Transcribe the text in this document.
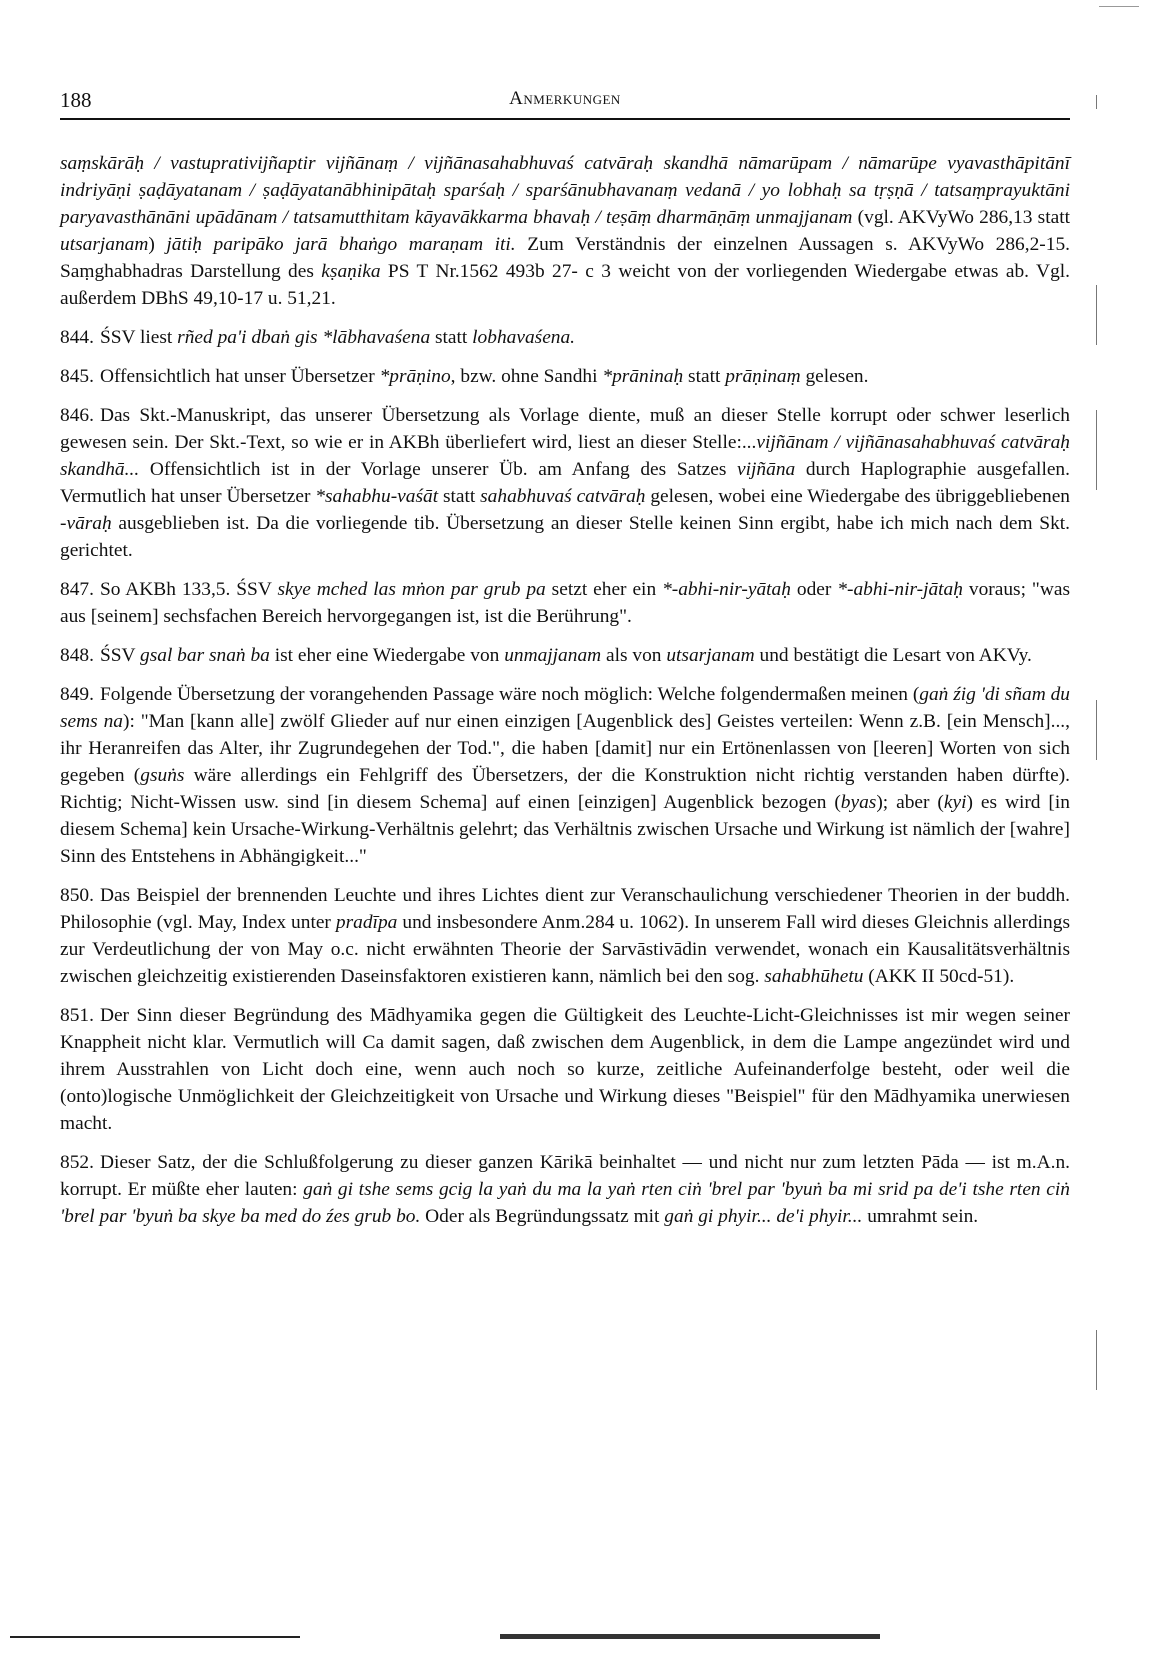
188	Anmerkungen

saṃskārāḥ / vastuprativijñaptir vijñānaṃ / vijñānasahabhuvaś catvāraḥ skandhā nāmarūpam / nāmarūpe vyavasthāpitānī indriyāṇi ṣaḍāyatanam / ṣaḍāyatanābhinipātaḥ sparśaḥ / sparśānubhavanaṃ vedanā / yo lobhaḥ sa tṛṣṇā / tatsaṃprayuktāni paryavasthānāni upādānam / tatsamutthitam kāyavākkarma bhavaḥ / teṣāṃ dharmāṇāṃ unmajjanam (vgl. AKVyWo 286,13 statt utsarjanam) jātiḥ paripāko jarā bhaṅgo maraṇam iti. Zum Verständnis der einzelnen Aussagen s. AKVyWo 286,2-15. Saṃghabhadras Darstellung des kṣaṇika PS T Nr.1562 493b 27- c 3 weicht von der vorliegenden Wiedergabe etwas ab. Vgl. außerdem DBhS 49,10-17 u. 51,21.

844. ŚSV liest rñed pa'i dbaṅ gis *lābhavaśena statt lobhavaśena.

845. Offensichtlich hat unser Übersetzer *prāṇino, bzw. ohne Sandhi *prāninaḥ statt prāṇinaṃ gelesen.

846. Das Skt.-Manuskript, das unserer Übersetzung als Vorlage diente, muß an dieser Stelle korrupt oder schwer leserlich gewesen sein. Der Skt.-Text, so wie er in AKBh überliefert wird, liest an dieser Stelle:...vijñānam / vijñānasahabhuvaś catvāraḥ skandhā... Offensichtlich ist in der Vorlage unserer Üb. am Anfang des Satzes vijñāna durch Haplographie ausgefallen. Vermutlich hat unser Übersetzer *sahabhu-vaśāt statt sahabhuvaś catvāraḥ gelesen, wobei eine Wiedergabe des übriggebliebenen -vāraḥ ausgeblieben ist. Da die vorliegende tib. Übersetzung an dieser Stelle keinen Sinn ergibt, habe ich mich nach dem Skt. gerichtet.

847. So AKBh 133,5. ŚSV skye mched las mṅon par grub pa setzt eher ein *-abhi-nir-yātaḥ oder *-abhi-nir-jātaḥ voraus; "was aus [seinem] sechsfachen Bereich hervorgegangen ist, ist die Berührung".

848. ŚSV gsal bar snaṅ ba ist eher eine Wiedergabe von unmajjanam als von utsarjanam und bestätigt die Lesart von AKVy.

849. Folgende Übersetzung der vorangehenden Passage wäre noch möglich: Welche folgendermaßen meinen (gaṅ źig 'di sñam du sems na): "Man [kann alle] zwölf Glieder auf nur einen einzigen [Augenblick des] Geistes verteilen: Wenn z.B. [ein Mensch]..., ihr Heranreifen das Alter, ihr Zugrundegehen der Tod.", die haben [damit] nur ein Ertönenlassen von [leeren] Worten von sich gegeben (gsuṅs wäre allerdings ein Fehlgriff des Übersetzers, der die Konstruktion nicht richtig verstanden haben dürfte). Richtig; Nicht-Wissen usw. sind [in diesem Schema] auf einen [einzigen] Augenblick bezogen (byas); aber (kyi) es wird [in diesem Schema] kein Ursache-Wirkung-Verhältnis gelehrt; das Verhältnis zwischen Ursache und Wirkung ist nämlich der [wahre] Sinn des Entstehens in Abhängigkeit..."

850. Das Beispiel der brennenden Leuchte und ihres Lichtes dient zur Veranschaulichung verschiedener Theorien in der buddh. Philosophie (vgl. May, Index unter pradīpa und insbesondere Anm.284 u. 1062). In unserem Fall wird dieses Gleichnis allerdings zur Verdeutlichung der von May o.c. nicht erwähnten Theorie der Sarvāstivādin verwendet, wonach ein Kausalitätsverhältnis zwischen gleichzeitig existierenden Daseinsfaktoren existieren kann, nämlich bei den sog. sahabhūhetu (AKK II 50cd-51).

851. Der Sinn dieser Begründung des Mādhyamika gegen die Gültigkeit des Leuchte-Licht-Gleichnisses ist mir wegen seiner Knappheit nicht klar. Vermutlich will Ca damit sagen, daß zwischen dem Augenblick, in dem die Lampe angezündet wird und ihrem Ausstrahlen von Licht doch eine, wenn auch noch so kurze, zeitliche Aufeinanderfolge besteht, oder weil die (onto)logische Unmöglichkeit der Gleichzeitigkeit von Ursache und Wirkung dieses "Beispiel" für den Mādhyamika unerwiesen macht.

852. Dieser Satz, der die Schlußfolgerung zu dieser ganzen Kārikā beinhaltet — und nicht nur zum letzten Pāda — ist m.A.n. korrupt. Er müßte eher lauten: gaṅ gi tshe sems gcig la yaṅ du ma la yaṅ rten ciṅ 'brel par 'byuṅ ba mi srid pa de'i tshe rten ciṅ 'brel par 'byuṅ ba skye ba med do źes grub bo. Oder als Begründungssatz mit gaṅ gi phyir... de'i phyir... umrahmt sein.
